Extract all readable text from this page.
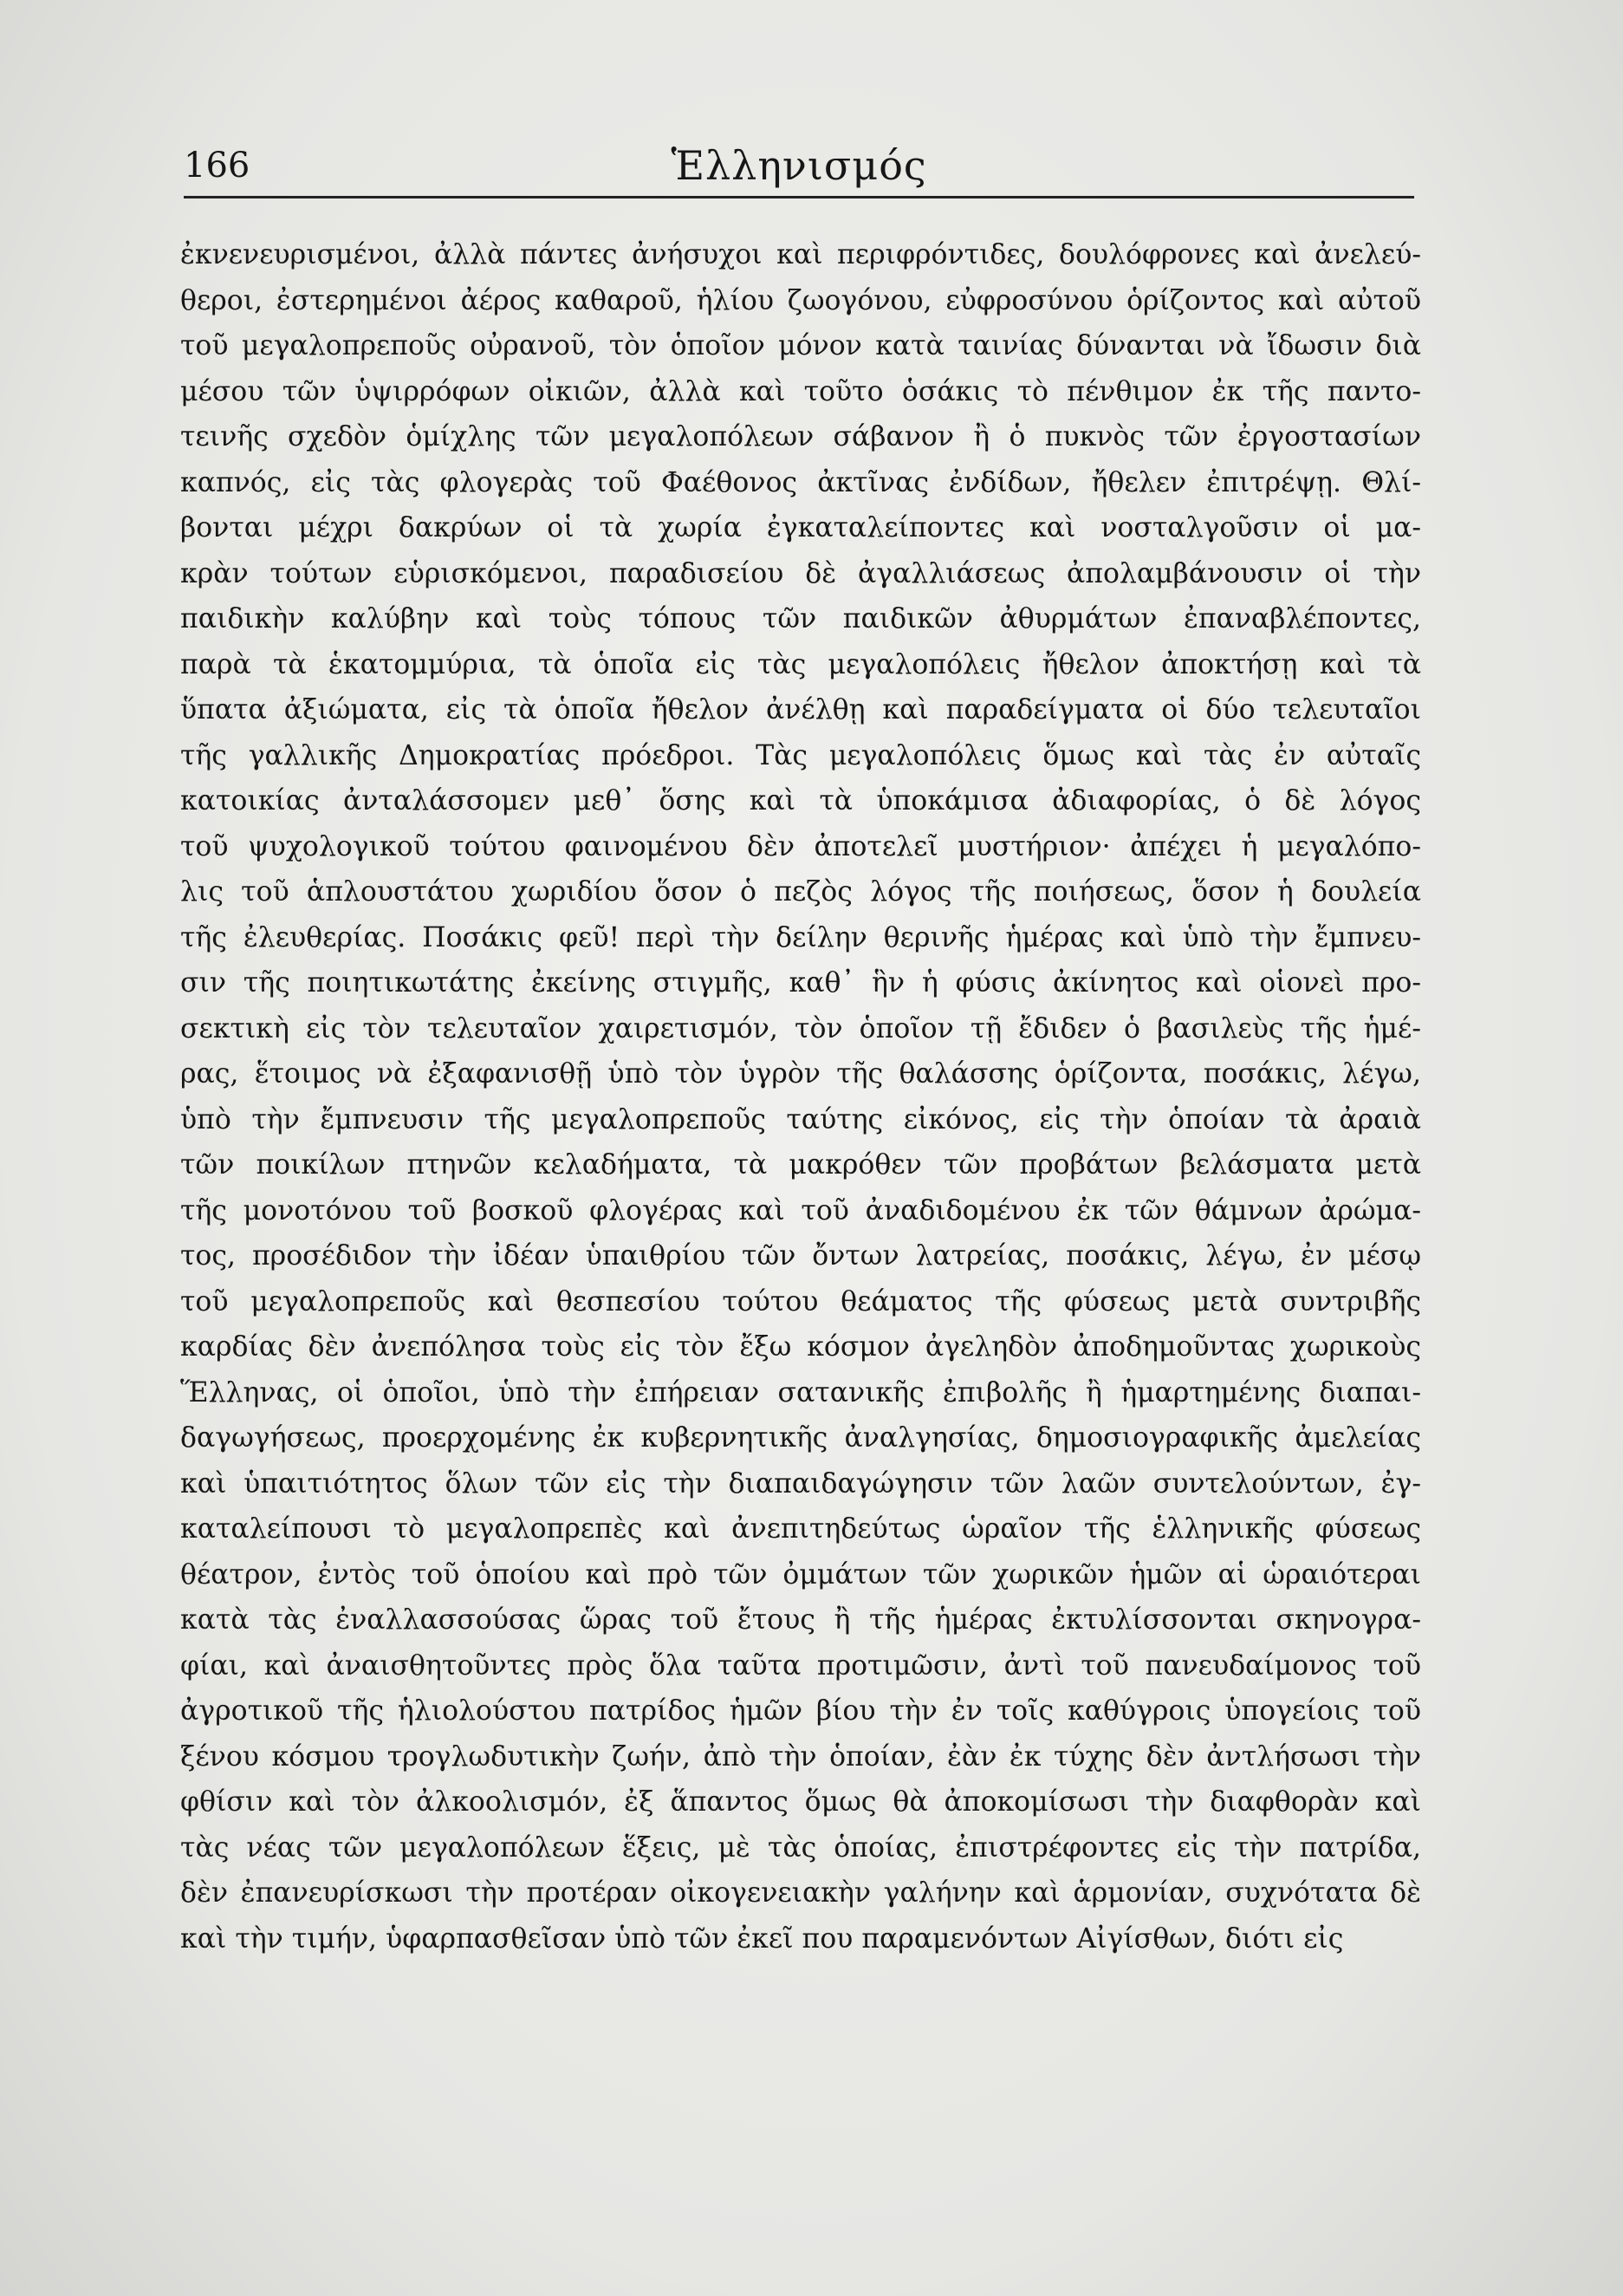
166	Ἑλληνισμός
ἐκνενευρισμένοι, ἀλλὰ πάντες ἀνήσυχοι καὶ περιφρόντιδες, δουλόφρονες καὶ ἀνελεύ-
θεροι, ἐστερημένοι ἀέρος καθαροῦ, ἡλίου ζωογόνου, εὐφροσύνου ὁρίζοντος καὶ αὐτοῦ
τοῦ μεγαλοπρεποῦς οὐρανοῦ, τὸν ὁποῖον μόνον κατὰ ταινίας δύνανται νὰ ἴδωσιν διὰ
μέσου τῶν ὑψιρρόφων οἰκιῶν, ἀλλὰ καὶ τοῦτο ὁσάκις τὸ πένθιμον ἐκ τῆς παντο-
τεινῆς σχεδὸν ὁμίχλης τῶν μεγαλοπόλεων σάβανον ἢ ὁ πυκνὸς τῶν ἐργοστασίων
καπνός, εἰς τὰς φλογερὰς τοῦ Φαέθονος ἀκτῖνας ἐνδίδων, ἤθελεν ἐπιτρέψῃ. Θλί-
βονται μέχρι δακρύων οἱ τὰ χωρία ἐγκαταλείποντες καὶ νοσταλγοῦσιν οἱ μα-
κρὰν τούτων εὑρισκόμενοι, παραδισείου δὲ ἀγαλλιάσεως ἀπολαμβάνουσιν οἱ τὴν
παιδικὴν καλύβην καὶ τοὺς τόπους τῶν παιδικῶν ἀθυρμάτων ἐπαναβλέποντες,
παρὰ τὰ ἑκατομμύρια, τὰ ὁποῖα εἰς τὰς μεγαλοπόλεις ἤθελον ἀποκτήσῃ καὶ τὰ
ὕπατα ἀξιώματα, εἰς τὰ ὁποῖα ἤθελον ἀνέλθῃ καὶ παραδείγματα οἱ δύο τελευταῖοι
τῆς γαλλικῆς Δημοκρατίας πρόεδροι. Τὰς μεγαλοπόλεις ὅμως καὶ τὰς ἐν αὐταῖς
κατοικίας ἀνταλάσσομεν μεθ᾽ ὅσης καὶ τὰ ὑποκάμισα ἀδιαφορίας, ὁ δὲ λόγος
τοῦ ψυχολογικοῦ τούτου φαινομένου δὲν ἀποτελεῖ μυστήριον· ἀπέχει ἡ μεγαλόπο-
λις τοῦ ἁπλουστάτου χωριδίου ὅσον ὁ πεζὸς λόγος τῆς ποιήσεως, ὅσον ἡ δουλεία
τῆς ἐλευθερίας. Ποσάκις φεῦ! περὶ τὴν δείλην θερινῆς ἡμέρας καὶ ὑπὸ τὴν ἔμπνευ-
σιν τῆς ποιητικωτάτης ἐκείνης στιγμῆς, καθ᾽ ἣν ἡ φύσις ἀκίνητος καὶ οἱονεὶ προ-
σεκτικὴ εἰς τὸν τελευταῖον χαιρετισμόν, τὸν ὁποῖον τῇ ἔδιδεν ὁ βασιλεὺς τῆς ἡμέ-
ρας, ἕτοιμος νὰ ἐξαφανισθῇ ὑπὸ τὸν ὑγρὸν τῆς θαλάσσης ὁρίζοντα, ποσάκις, λέγω,
ὑπὸ τὴν ἔμπνευσιν τῆς μεγαλοπρεποῦς ταύτης εἰκόνος, εἰς τὴν ὁποίαν τὰ ἀραιὰ
τῶν ποικίλων πτηνῶν κελαδήματα, τὰ μακρόθεν τῶν προβάτων βελάσματα μετὰ
τῆς μονοτόνου τοῦ βοσκοῦ φλογέρας καὶ τοῦ ἀναδιδομένου ἐκ τῶν θάμνων ἀρώμα-
τος, προσέδιδον τὴν ἰδέαν ὑπαιθρίου τῶν ὄντων λατρείας, ποσάκις, λέγω, ἐν μέσῳ
τοῦ μεγαλοπρεποῦς καὶ θεσπεσίου τούτου θεάματος τῆς φύσεως μετὰ συντριβῆς
καρδίας δὲν ἀνεπόλησα τοὺς εἰς τὸν ἔξω κόσμον ἀγεληδὸν ἀποδημοῦντας χωρικοὺς
Ἕλληνας, οἱ ὁποῖοι, ὑπὸ τὴν ἐπήρειαν σατανικῆς ἐπιβολῆς ἢ ἡμαρτημένης διαπαι-
δαγωγήσεως, προερχομένης ἐκ κυβερνητικῆς ἀναλγησίας, δημοσιογραφικῆς ἀμελείας
καὶ ὑπαιτιότητος ὅλων τῶν εἰς τὴν διαπαιδαγώγησιν τῶν λαῶν συντελούντων, ἐγ-
καταλείπουσι τὸ μεγαλοπρεπὲς καὶ ἀνεπιτηδεύτως ὡραῖον τῆς ἑλληνικῆς φύσεως
θέατρον, ἐντὸς τοῦ ὁποίου καὶ πρὸ τῶν ὀμμάτων τῶν χωρικῶν ἡμῶν αἱ ὡραιότεραι
κατὰ τὰς ἐναλλασσούσας ὥρας τοῦ ἔτους ἢ τῆς ἡμέρας ἐκτυλίσσονται σκηνογρα-
φίαι, καὶ ἀναισθητοῦντες πρὸς ὅλα ταῦτα προτιμῶσιν, ἀντὶ τοῦ πανευδαίμονος τοῦ
ἀγροτικοῦ τῆς ἡλιολούστου πατρίδος ἡμῶν βίου τὴν ἐν τοῖς καθύγροις ὑπογείοις τοῦ
ξένου κόσμου τρογλωδυτικὴν ζωήν, ἀπὸ τὴν ὁποίαν, ἐὰν ἐκ τύχης δὲν ἀντλήσωσι τὴν
φθίσιν καὶ τὸν ἀλκοολισμόν, ἐξ ἅπαντος ὅμως θὰ ἀποκομίσωσι τὴν διαφθορὰν καὶ
τὰς νέας τῶν μεγαλοπόλεων ἕξεις, μὲ τὰς ὁποίας, ἐπιστρέφοντες εἰς τὴν πατρίδα,
δὲν ἐπανευρίσκωσι τὴν προτέραν οἰκογενειακὴν γαλήνην καὶ ἁρμονίαν, συχνότατα δὲ
καὶ τὴν τιμήν, ὑφαρπασθεῖσαν ὑπὸ τῶν ἐκεῖ που παραμενόντων Αἰγίσθων, διότι εἰς
